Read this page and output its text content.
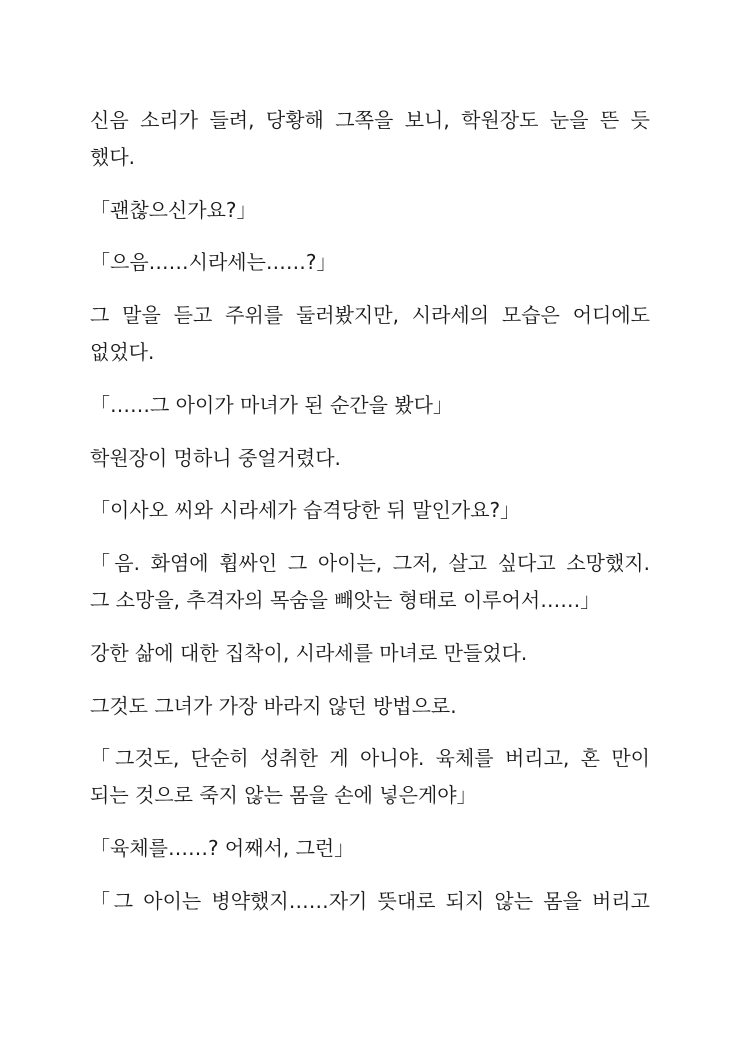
신음 소리가 들려, 당황해 그쪽을 보니, 학원장도 눈을 뜬 듯
했다.

「괜찮으신가요?」

「으음……시라세는……?」

그 말을 듣고 주위를 둘러봤지만, 시라세의 모습은 어디에도
없었다.

「……그 아이가 마녀가 된 순간을 봤다」

학원장이 멍하니 중얼거렸다.

「이사오 씨와 시라세가 습격당한 뒤 말인가요?」

「음. 화염에 휩싸인 그 아이는, 그저, 살고 싶다고 소망했지.
그 소망을, 추격자의 목숨을 빼앗는 형태로 이루어서……」

강한 삶에 대한 집착이, 시라세를 마녀로 만들었다.

그것도 그녀가 가장 바라지 않던 방법으로.

「그것도, 단순히 성취한 게 아니야. 육체를 버리고, 혼 만이
되는 것으로 죽지 않는 몸을 손에 넣은게야」

「육체를……? 어째서, 그런」

「그 아이는 병약했지……자기 뜻대로 되지 않는 몸을 버리고
